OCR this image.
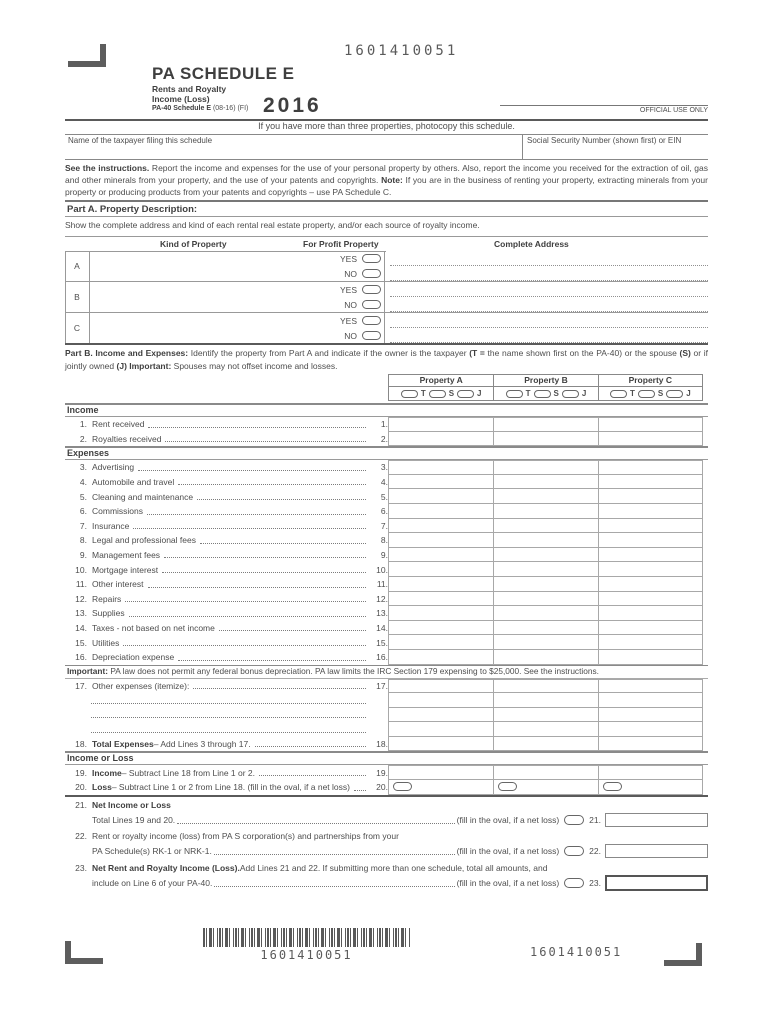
1601410051
PA SCHEDULE E
Rents and Royalty
Income (Loss)
PA-40 Schedule E (08-16) (FI) 2016	OFFICIAL USE ONLY
If you have more than three properties, photocopy this schedule.
Name of the taxpayer filing this schedule	Social Security Number (shown first) or EIN
See the instructions. Report the income and expenses for the use of your personal property by others. Also, report the income you received for the extraction of oil, gas and other minerals from your property, and the use of your patents and copyrights. Note: If you are in the business of renting your property, extracting minerals from your property or producing products from your patents and copyrights – use PA Schedule C.
Part A. Property Description:
Show the complete address and kind of each rental real estate property, and/or each source of royalty income.
Kind of Property	For Profit Property	Complete Address
A
YES
NO
B
YES
NO
C
YES
NO
Part B. Income and Expenses: Identify the property from Part A and indicate if the owner is the taxpayer (T = the name shown first on the PA-40) or the spouse (S) or if jointly owned (J) Important: Spouses may not offset income and losses.
Property A
T	S	J
Property B
T	S	J
Property C
T	S	J
Income
1. Rent received	1.
2. Royalties received	2.
Expenses
3. Advertising	3.
4. Automobile and travel	4.
5. Cleaning and maintenance	5.
6. Commissions	6.
7. Insurance	7.
8. Legal and professional fees	8.
9. Management fees	9.
10. Mortgage interest	10.
11. Other interest	11.
12. Repairs	12.
13. Supplies	13.
14. Taxes - not based on net income	14.
15. Utilities	15.
16. Depreciation expense	16.
Important: PA law does not permit any federal bonus depreciation. PA law limits the IRC Section 179 expensing to $25,000. See the instructions.
17. Other expenses (itemize):	17.
18. Total Expenses – Add Lines 3 through 17.	18.
Income or Loss
19. Income – Subtract Line 18 from Line 1 or 2.	19.
20. Loss – Subtract Line 1 or 2 from Line 18. (fill in the oval, if a net loss)	20.
21. Net Income or Loss
Total Lines 19 and 20.	(fill in the oval, if a net loss)	21.
22. Rent or royalty income (loss) from PA S corporation(s) and partnerships from your
PA Schedule(s) RK-1 or NRK-1.	(fill in the oval, if a net loss)	22.
23. Net Rent and Royalty Income (Loss). Add Lines 21 and 22. If submitting more than one schedule, total all amounts, and
include on Line 6 of your PA-40.	(fill in the oval, if a net loss)	23.
1601410051	1601410051
